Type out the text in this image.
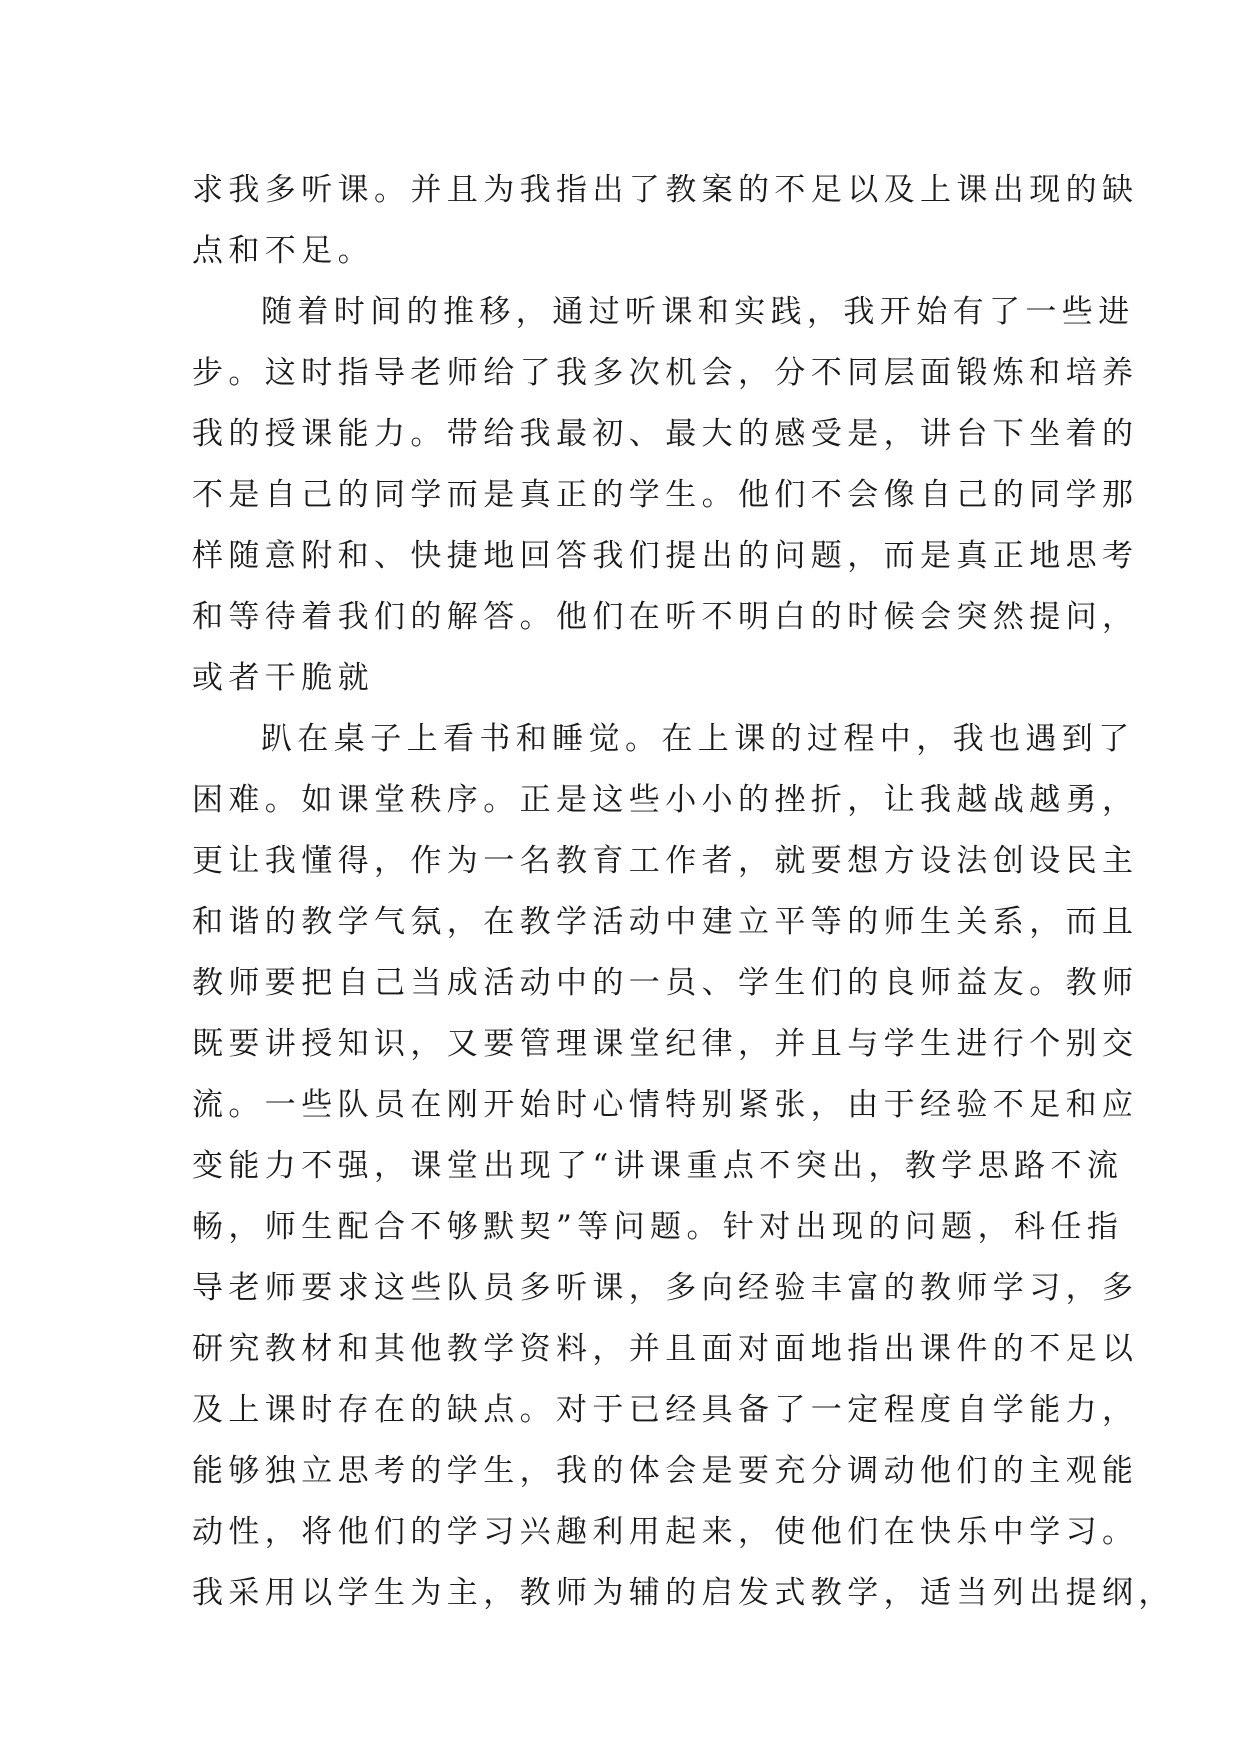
求我多听课。并且为我指出了教案的不足以及上课出现的缺
点和不足。
随着时间的推移，通过听课和实践，我开始有了一些进
步。这时指导老师给了我多次机会，分不同层面锻炼和培养
我的授课能力。带给我最初、最大的感受是，讲台下坐着的
不是自己的同学而是真正的学生。他们不会像自己的同学那
样随意附和、快捷地回答我们提出的问题，而是真正地思考
和等待着我们的解答。他们在听不明白的时候会突然提问，
或者干脆就
趴在桌子上看书和睡觉。在上课的过程中，我也遇到了
困难。如课堂秩序。正是这些小小的挫折，让我越战越勇，
更让我懂得，作为一名教育工作者，就要想方设法创设民主
和谐的教学气氛，在教学活动中建立平等的师生关系，而且
教师要把自己当成活动中的一员、学生们的良师益友。教师
既要讲授知识，又要管理课堂纪律，并且与学生进行个别交
流。一些队员在刚开始时心情特别紧张，由于经验不足和应
变能力不强，课堂出现了“讲课重点不突出，教学思路不流
畅，师生配合不够默契”等问题。针对出现的问题，科任指
导老师要求这些队员多听课，多向经验丰富的教师学习，多
研究教材和其他教学资料，并且面对面地指出课件的不足以
及上课时存在的缺点。对于已经具备了一定程度自学能力，
能够独立思考的学生，我的体会是要充分调动他们的主观能
动性，将他们的学习兴趣利用起来，使他们在快乐中学习。
我采用以学生为主，教师为辅的启发式教学，适当列出提纲，
